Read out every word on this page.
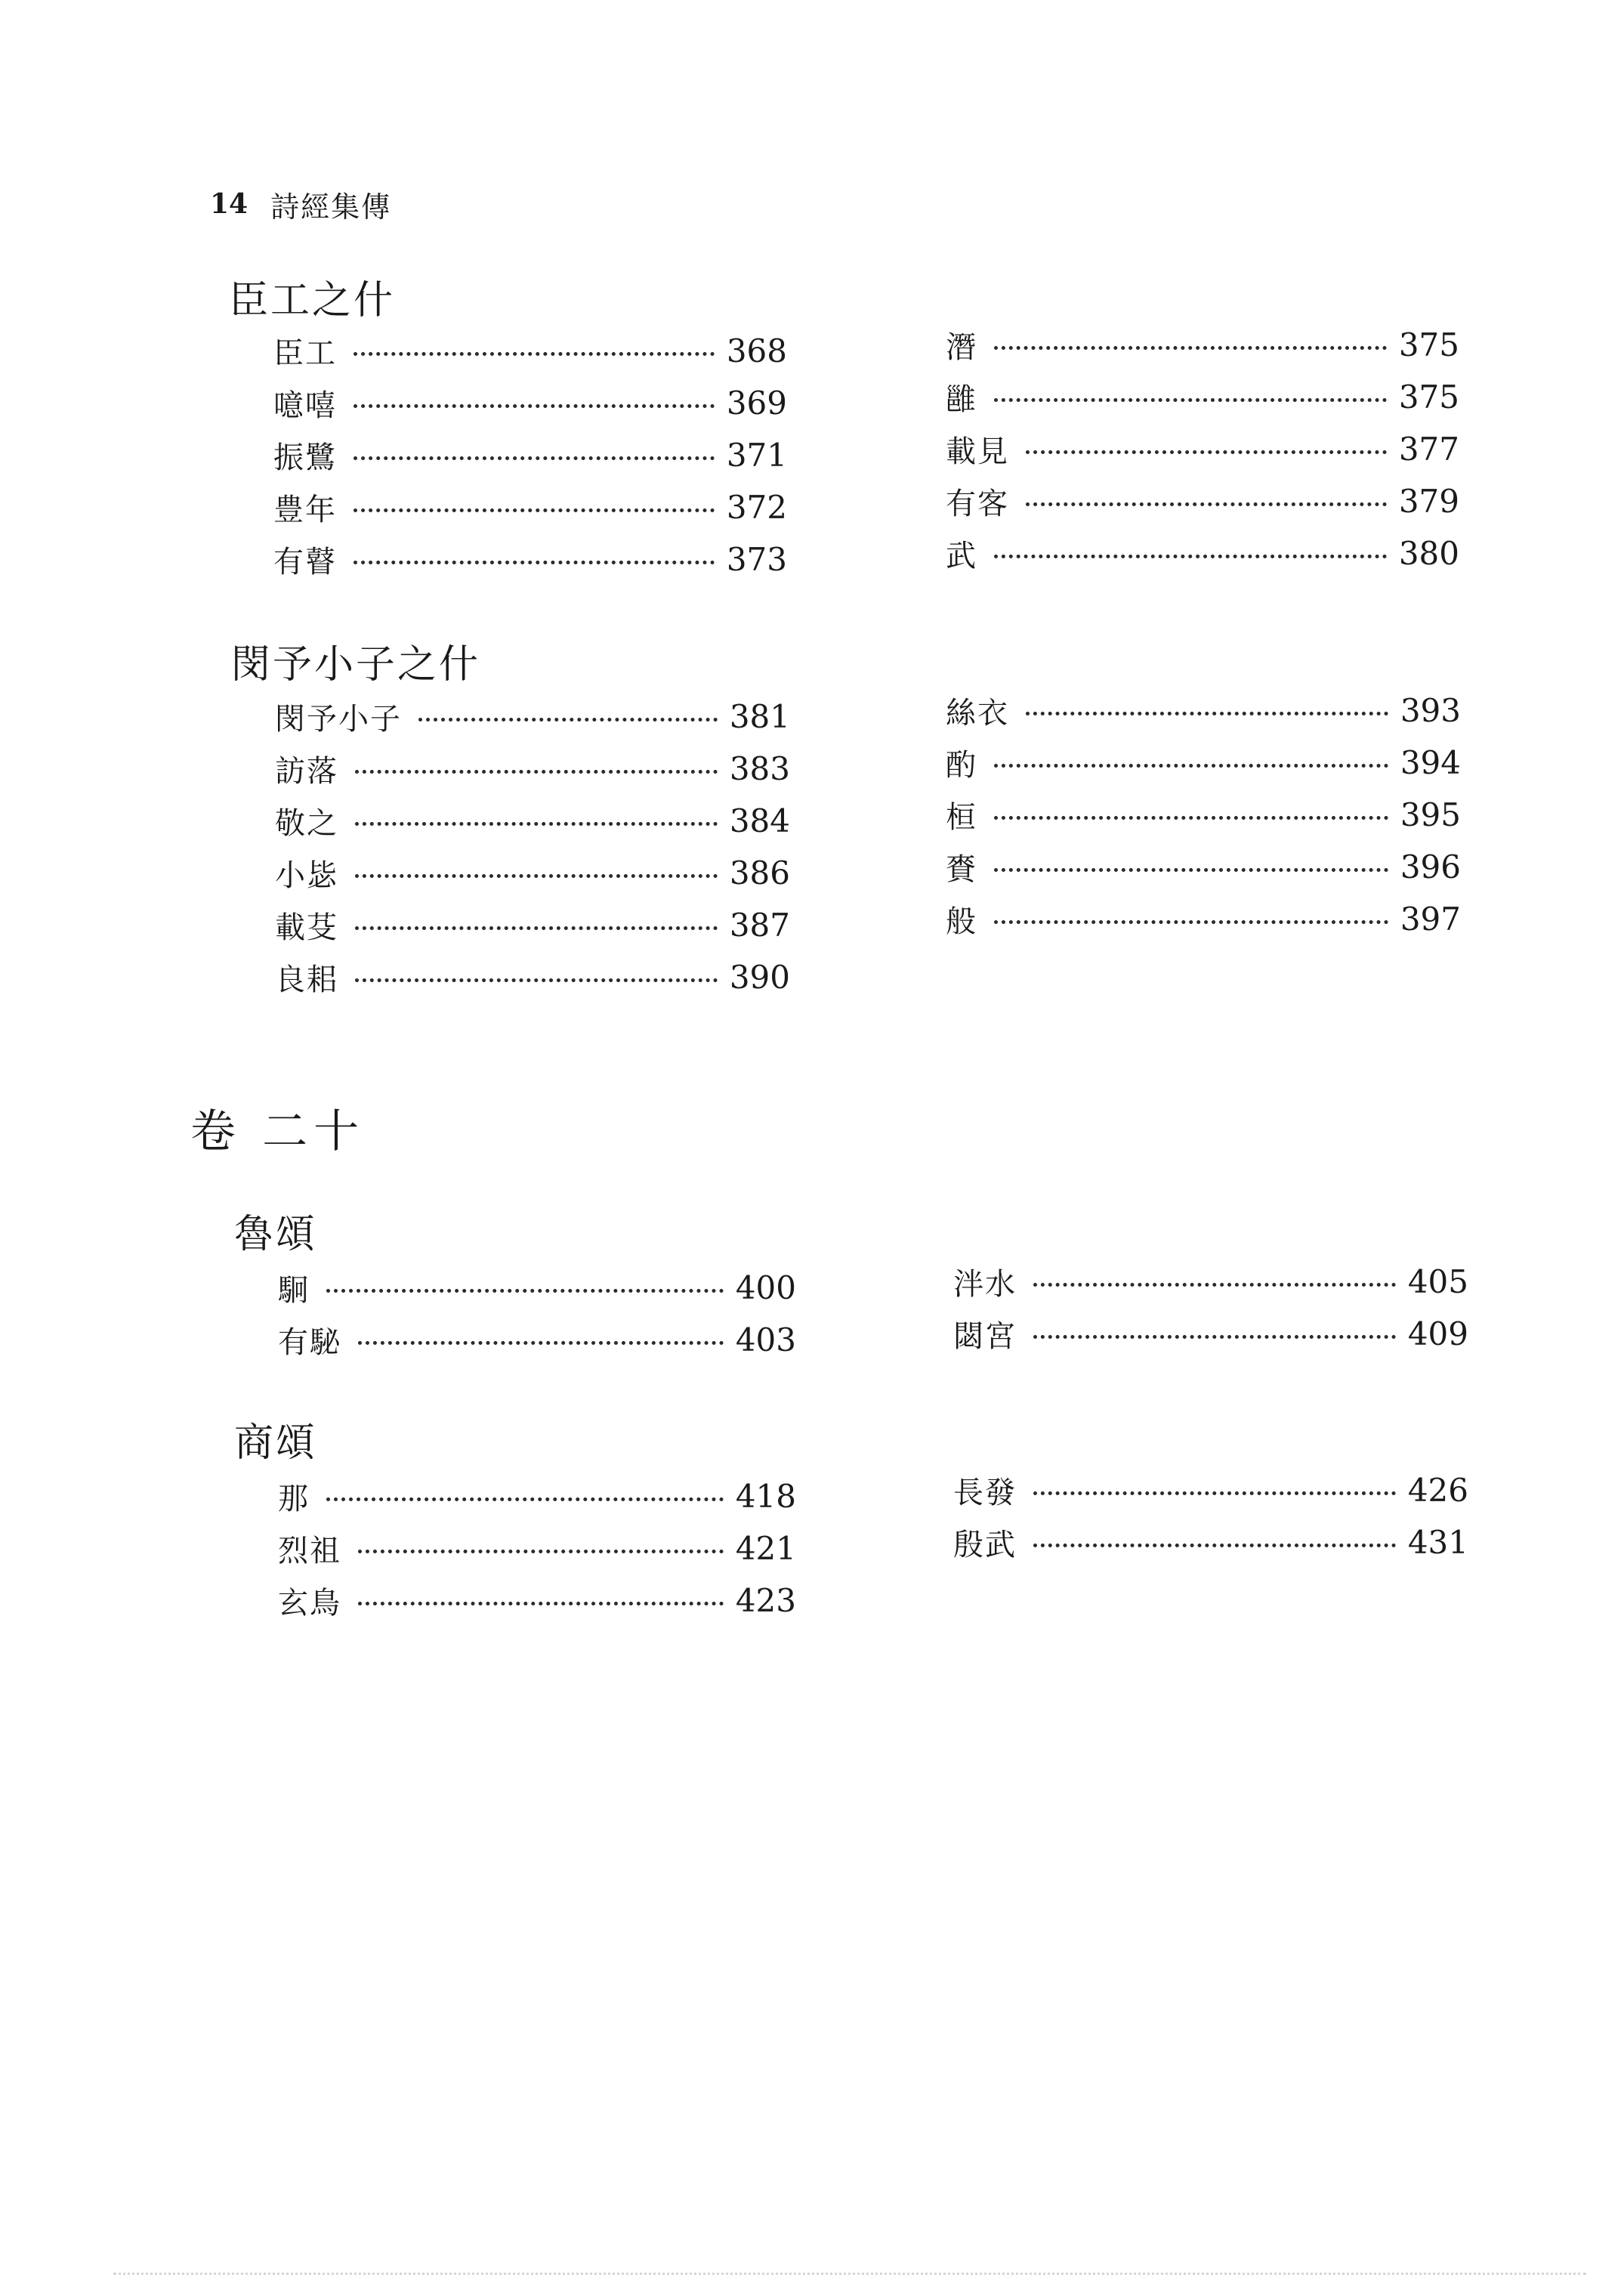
14 詩經集傳
臣工之什
臣工	368
噫嘻	369
振鷺	371
豊年	372
有瞽	373
潛	375
雝	375
載見	377
有客	379
武	380
閔予小子之什
閔予小子	381
訪落	383
敬之	384
小毖	386
載芟	387
良耜	390
絲衣	393
酌	394
桓	395
賚	396
般	397
卷 二十
魯頌
駉	400
有駜	403
泮水	405
閟宮	409
商頌
那	418
烈祖	421
玄鳥	423
長發	426
殷武	431
